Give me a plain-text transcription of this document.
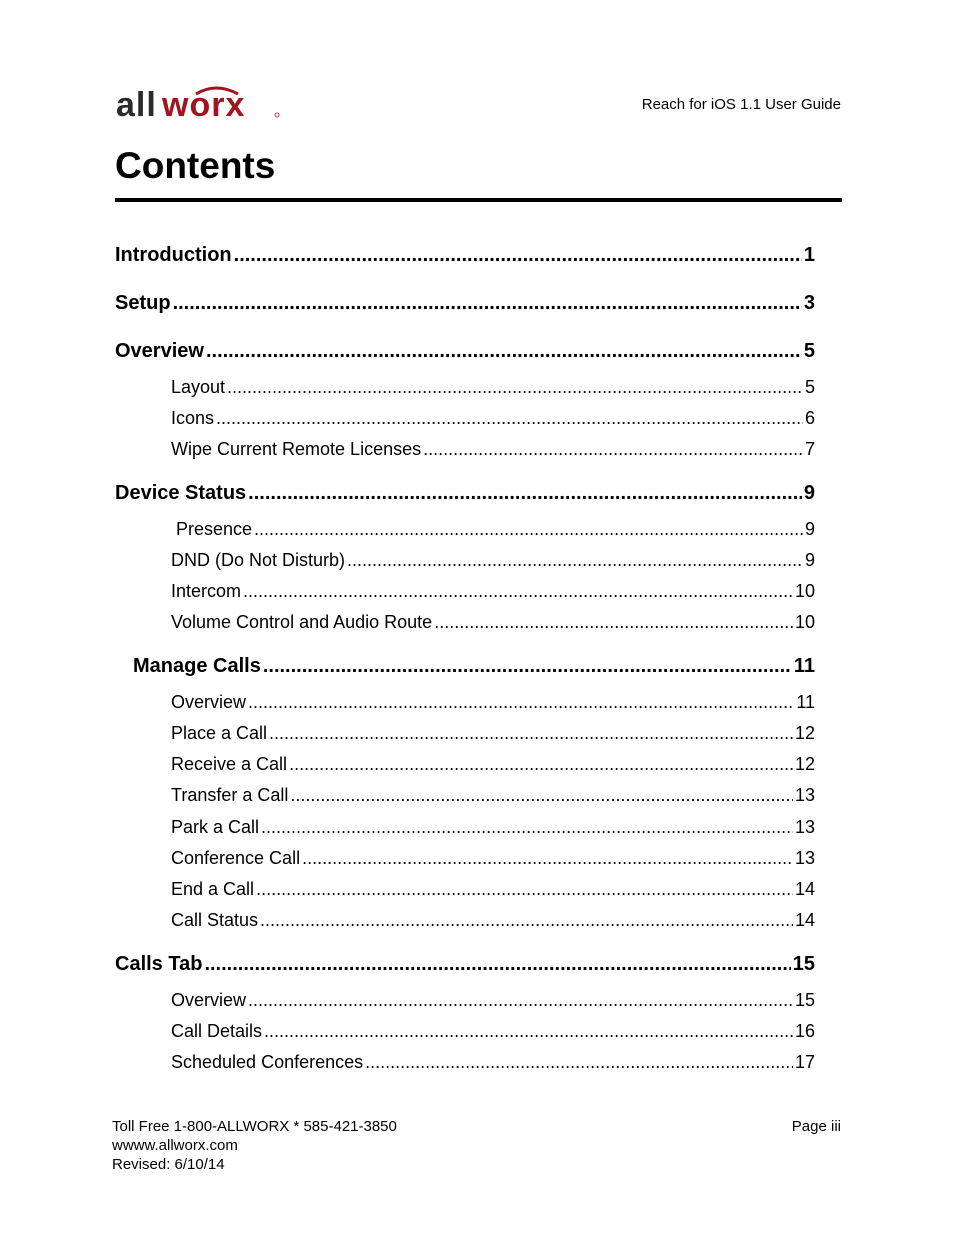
all worx	Reach for iOS 1.1 User Guide
Contents
Introduction .....	1
Setup .....	3
Overview .....	5
Layout .....	5
Icons .....	6
Wipe Current Remote Licenses .....	7
Device Status .....	9
Presence .....	9
DND (Do Not Disturb) .....	9
Intercom .....	10
Volume Control and Audio Route .....	10
Manage Calls .....	11
Overview .....	11
Place a Call .....	12
Receive a Call .....	12
Transfer a Call .....	13
Park a Call .....	13
Conference Call .....	13
End a Call .....	14
Call Status .....	14
Calls Tab .....	15
Overview .....	15
Call Details .....	16
Scheduled Conferences .....	17
Toll Free 1-800-ALLWORX * 585-421-3850
wwww.allworx.com
Revised: 6/10/14
Page iii
